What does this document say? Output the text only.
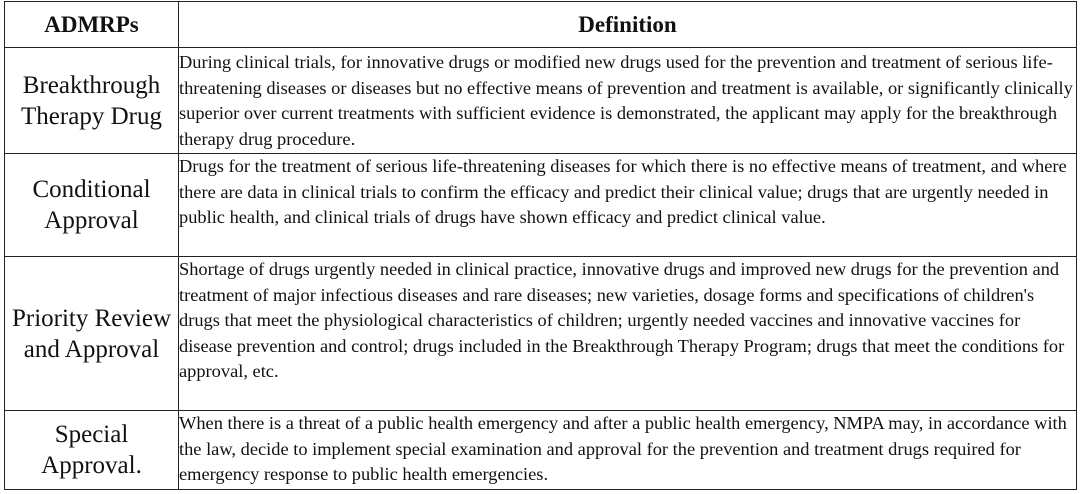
ADMRPs	Definition
Breakthrough Therapy Drug	During clinical trials, for innovative drugs or modified new drugs used for the prevention and treatment of serious life-threatening diseases or diseases but no effective means of prevention and treatment is available, or significantly clinically superior over current treatments with sufficient evidence is demonstrated, the applicant may apply for the breakthrough therapy drug procedure.
Conditional Approval	Drugs for the treatment of serious life-threatening diseases for which there is no effective means of treatment, and where there are data in clinical trials to confirm the efficacy and predict their clinical value; drugs that are urgently needed in public health, and clinical trials of drugs have shown efficacy and predict clinical value.
Priority Review and Approval	Shortage of drugs urgently needed in clinical practice, innovative drugs and improved new drugs for the prevention and treatment of major infectious diseases and rare diseases; new varieties, dosage forms and specifications of children's drugs that meet the physiological characteristics of children; urgently needed vaccines and innovative vaccines for disease prevention and control; drugs included in the Breakthrough Therapy Program; drugs that meet the conditions for approval, etc.
Special Approval.	When there is a threat of a public health emergency and after a public health emergency, NMPA may, in accordance with the law, decide to implement special examination and approval for the prevention and treatment drugs required for emergency response to public health emergencies.
